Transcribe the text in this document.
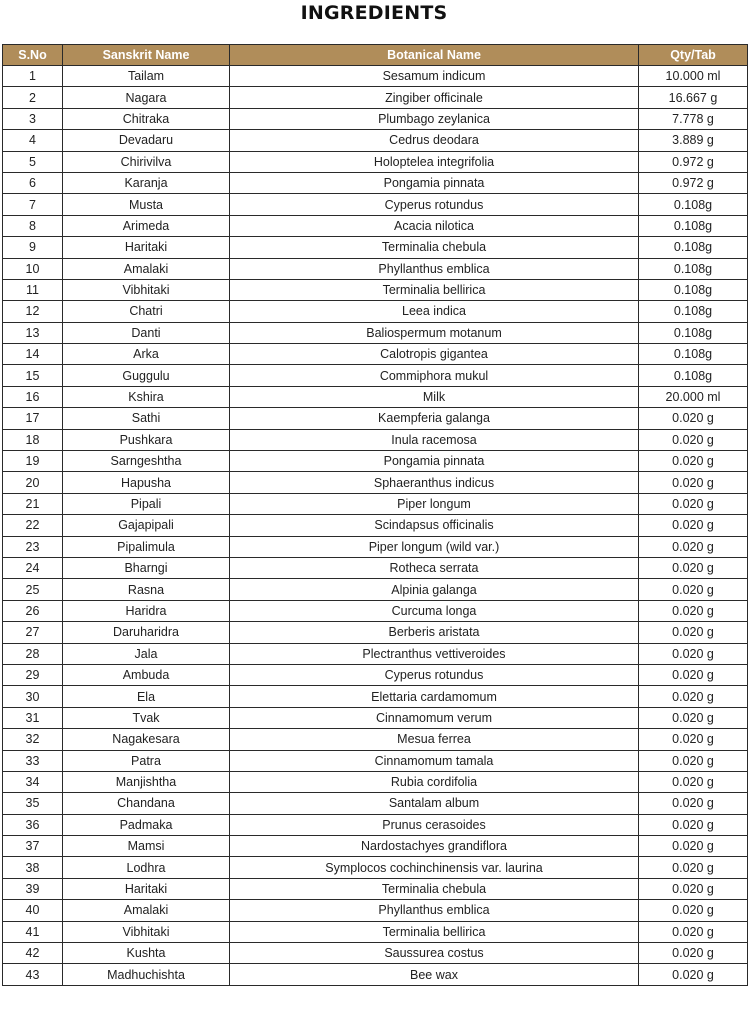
INGREDIENTS
S.No	Sanskrit Name	Botanical Name	Qty/Tab
1	Tailam	Sesamum indicum	10.000 ml
2	Nagara	Zingiber officinale	16.667 g
3	Chitraka	Plumbago zeylanica	7.778 g
4	Devadaru	Cedrus deodara	3.889 g
5	Chirivilva	Holoptelea integrifolia	0.972 g
6	Karanja	Pongamia pinnata	0.972 g
7	Musta	Cyperus rotundus	0.108g
8	Arimeda	Acacia nilotica	0.108g
9	Haritaki	Terminalia chebula	0.108g
10	Amalaki	Phyllanthus emblica	0.108g
11	Vibhitaki	Terminalia bellirica	0.108g
12	Chatri	Leea indica	0.108g
13	Danti	Baliospermum motanum	0.108g
14	Arka	Calotropis gigantea	0.108g
15	Guggulu	Commiphora mukul	0.108g
16	Kshira	Milk	20.000 ml
17	Sathi	Kaempferia galanga	0.020 g
18	Pushkara	Inula racemosa	0.020 g
19	Sarngeshtha	Pongamia pinnata	0.020 g
20	Hapusha	Sphaeranthus indicus	0.020 g
21	Pipali	Piper longum	0.020 g
22	Gajapipali	Scindapsus officinalis	0.020 g
23	Pipalimula	Piper longum (wild var.)	0.020 g
24	Bharngi	Rotheca serrata	0.020 g
25	Rasna	Alpinia galanga	0.020 g
26	Haridra	Curcuma longa	0.020 g
27	Daruharidra	Berberis aristata	0.020 g
28	Jala	Plectranthus vettiveroides	0.020 g
29	Ambuda	Cyperus rotundus	0.020 g
30	Ela	Elettaria cardamomum	0.020 g
31	Tvak	Cinnamomum verum	0.020 g
32	Nagakesara	Mesua ferrea	0.020 g
33	Patra	Cinnamomum tamala	0.020 g
34	Manjishtha	Rubia cordifolia	0.020 g
35	Chandana	Santalam album	0.020 g
36	Padmaka	Prunus cerasoides	0.020 g
37	Mamsi	Nardostachyes grandiflora	0.020 g
38	Lodhra	Symplocos cochinchinensis var. laurina	0.020 g
39	Haritaki	Terminalia chebula	0.020 g
40	Amalaki	Phyllanthus emblica	0.020 g
41	Vibhitaki	Terminalia bellirica	0.020 g
42	Kushta	Saussurea costus	0.020 g
43	Madhuchishta	Bee wax	0.020 g
